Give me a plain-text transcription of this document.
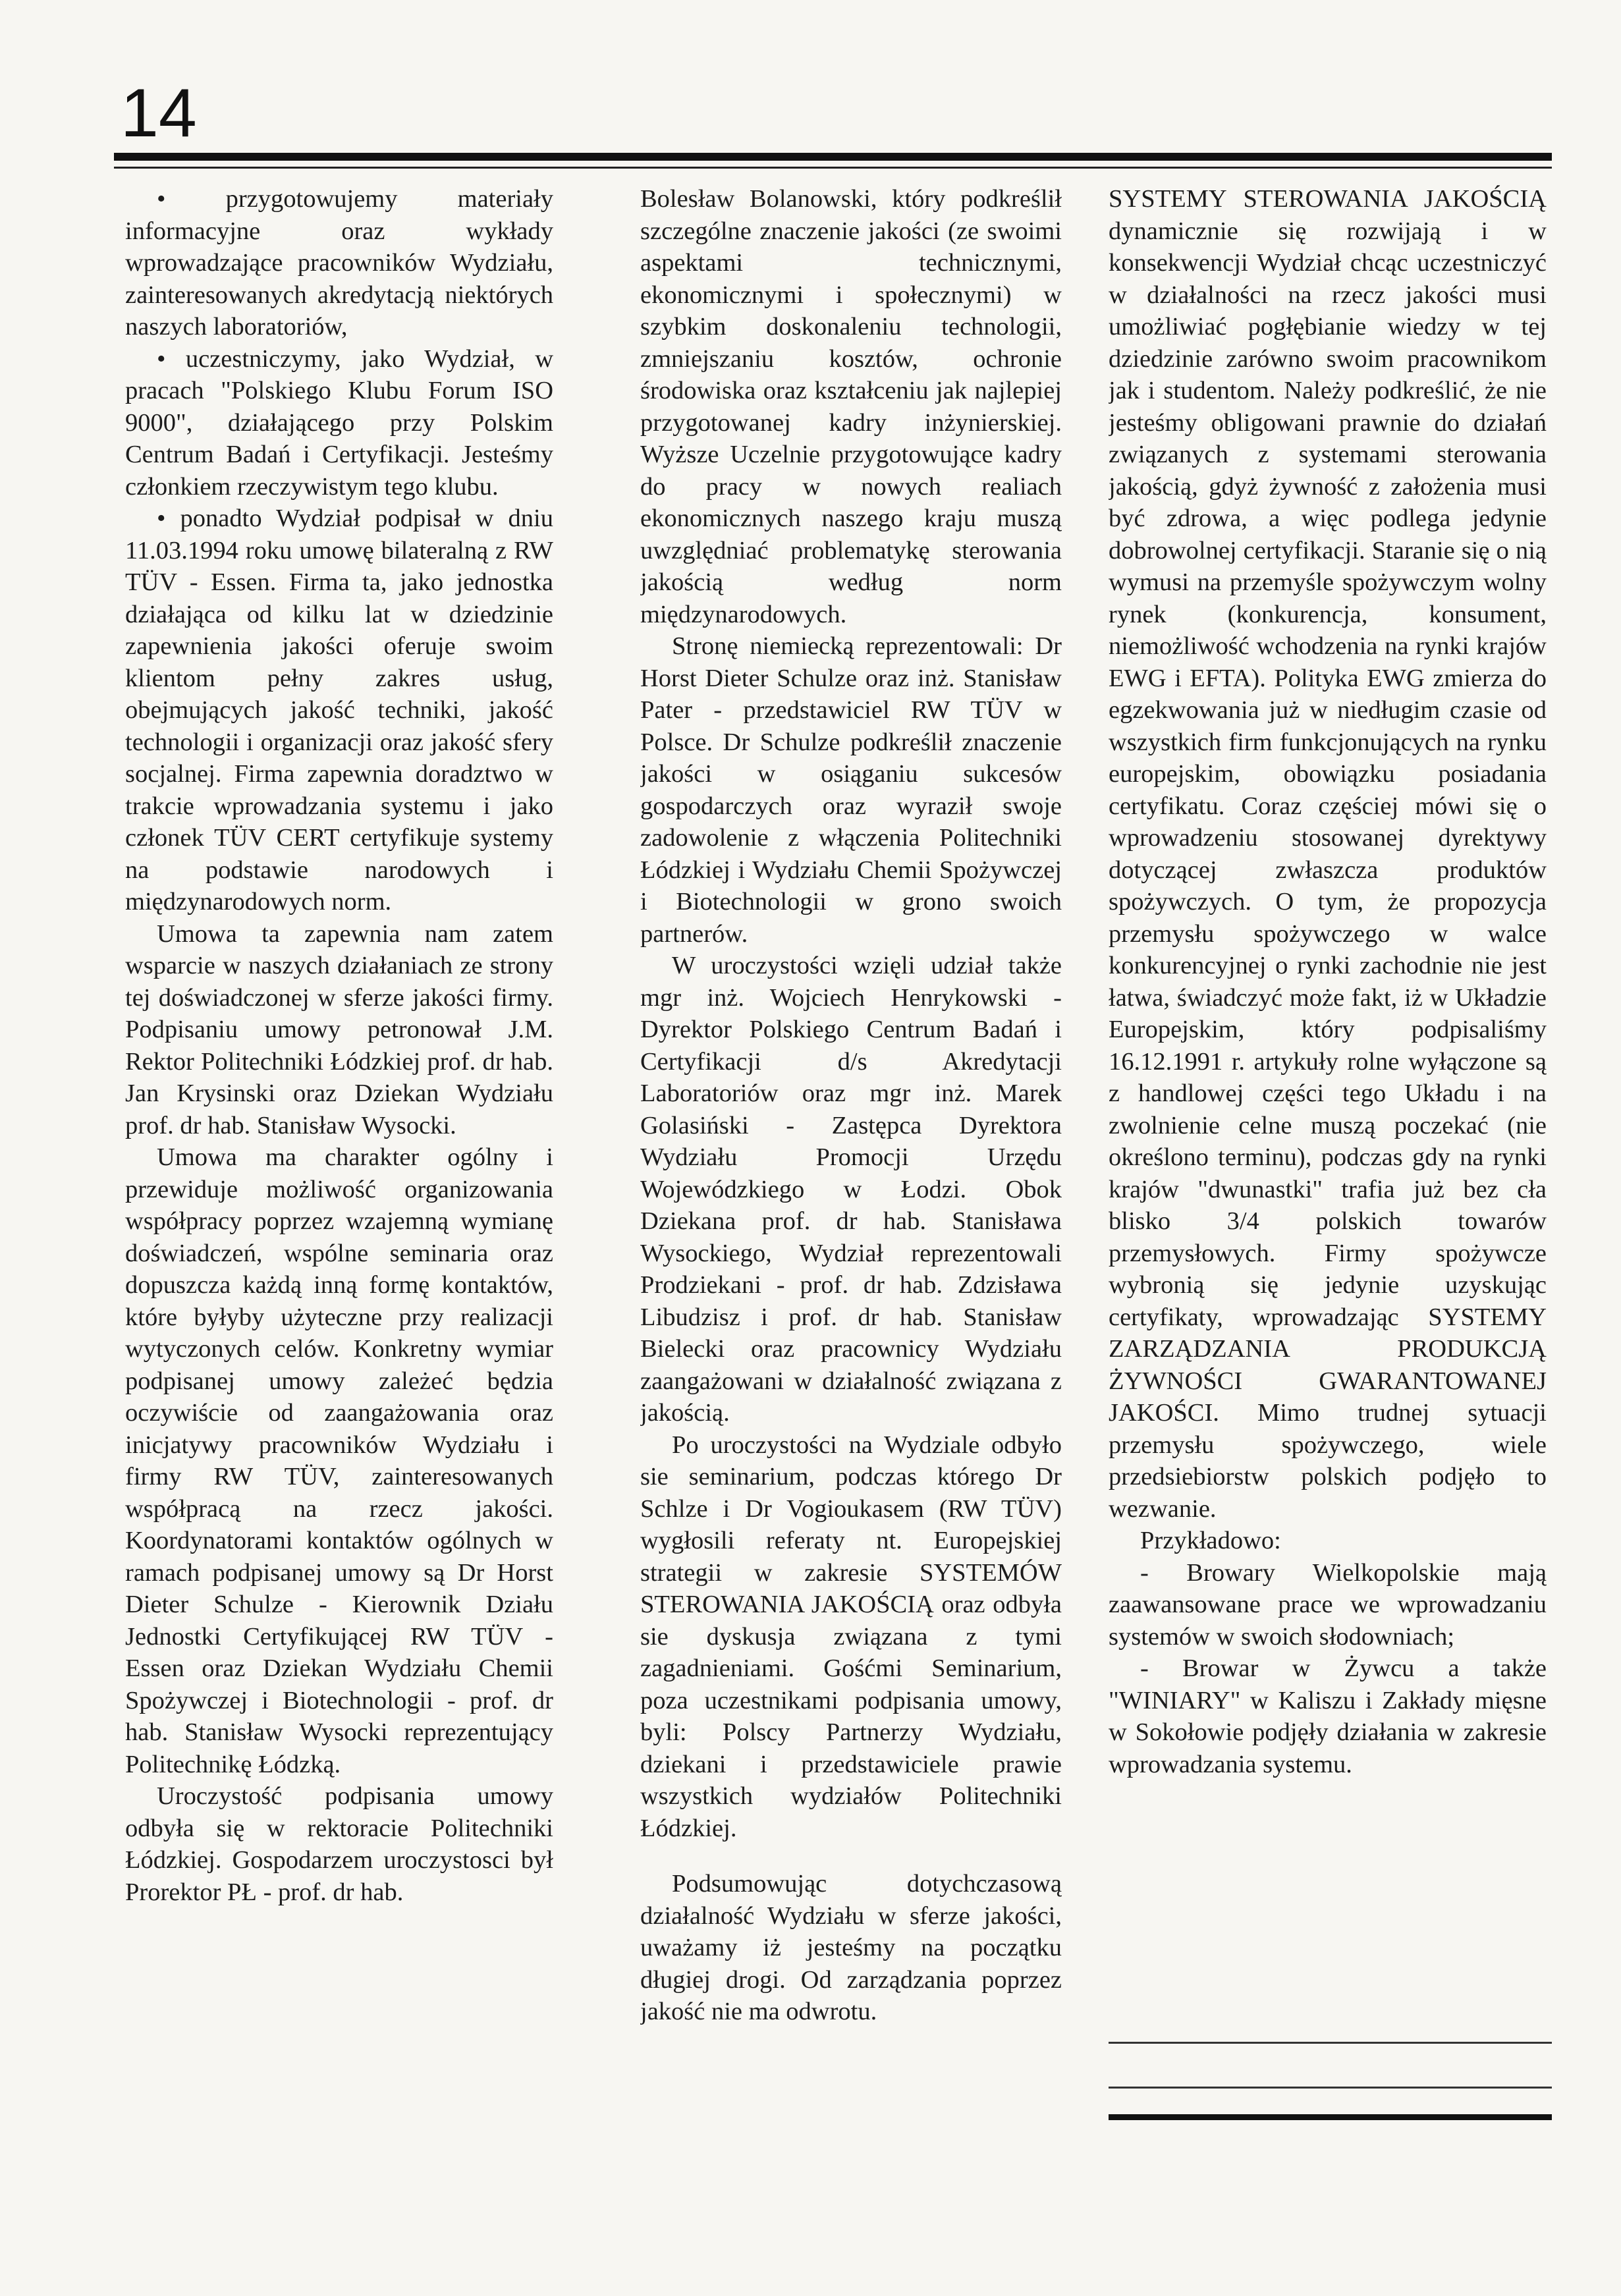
14

• przygotowujemy materiały informacyjne oraz wykłady wprowadzające pracowników Wydziału, zainteresowanych akredytacją niektórych naszych laboratoriów,

• uczestniczymy, jako Wydział, w pracach "Polskiego Klubu Forum ISO 9000", działającego przy Polskim Centrum Badań i Certyfikacji. Jesteśmy członkiem rzeczywistym tego klubu.

• ponadto Wydział podpisał w dniu 11.03.1994 roku umowę bilateralną z RW TÜV - Essen. Firma ta, jako jednostka działająca od kilku lat w dziedzinie zapewnienia jakości oferuje swoim klientom pełny zakres usług, obejmujących jakość techniki, jakość technologii i organizacji oraz jakość sfery socjalnej. Firma zapewnia doradztwo w trakcie wprowadzania systemu i jako członek TÜV CERT certyfikuje systemy na podstawie narodowych i międzynarodowych norm.

Umowa ta zapewnia nam zatem wsparcie w naszych działaniach ze strony tej doświadczonej w sferze jakości firmy. Podpisaniu umowy petronował J.M. Rektor Politechniki Łódzkiej prof. dr hab. Jan Krysinski oraz Dziekan Wydziału prof. dr hab. Stanisław Wysocki.

Umowa ma charakter ogólny i przewiduje możliwość organizowania współpracy poprzez wzajemną wymianę doświadczeń, wspólne seminaria oraz dopuszcza każdą inną formę kontaktów, które byłyby użyteczne przy realizacji wytyczonych celów. Konkretny wymiar podpisanej umowy zależeć będzia oczywiście od zaangażowania oraz inicjatywy pracowników Wydziału i firmy RW TÜV, zainteresowanych współpracą na rzecz jakości. Koordynatorami kontaktów ogólnych w ramach podpisanej umowy są Dr Horst Dieter Schulze - Kierownik Działu Jednostki Certyfikującej RW TÜV - Essen oraz Dziekan Wydziału Chemii Spożywczej i Biotechnologii - prof. dr hab. Stanisław Wysocki reprezentujący Politechnikę Łódzką.

Uroczystość podpisania umowy odbyła się w rektoracie Politechniki Łódzkiej. Gospodarzem uroczystosci był Prorektor PŁ - prof. dr hab.

Bolesław Bolanowski, który podkreślił szczególne znaczenie jakości (ze swoimi aspektami technicznymi, ekonomicznymi i społecznymi) w szybkim doskonaleniu technologii, zmniejszaniu kosztów, ochronie środowiska oraz kształceniu jak najlepiej przygotowanej kadry inżynierskiej. Wyższe Uczelnie przygotowujące kadry do pracy w nowych realiach ekonomicznych naszego kraju muszą uwzględniać problematykę sterowania jakością według norm międzynarodowych.

Stronę niemiecką reprezentowali: Dr Horst Dieter Schulze oraz inż. Stanisław Pater - przedstawiciel RW TÜV w Polsce. Dr Schulze podkreślił znaczenie jakości w osiąganiu sukcesów gospodarczych oraz wyraził swoje zadowolenie z włączenia Politechniki Łódzkiej i Wydziału Chemii Spożywczej i Biotechnologii w grono swoich partnerów.

W uroczystości wzięli udział także mgr inż. Wojciech Henrykowski - Dyrektor Polskiego Centrum Badań i Certyfikacji d/s Akredytacji Laboratoriów oraz mgr inż. Marek Golasiński - Zastępca Dyrektora Wydziału Promocji Urzędu Wojewódzkiego w Łodzi. Obok Dziekana prof. dr hab. Stanisława Wysockiego, Wydział reprezentowali Prodziekani - prof. dr hab. Zdzisława Libudzisz i prof. dr hab. Stanisław Bielecki oraz pracownicy Wydziału zaangażowani w działalność związana z jakością.

Po uroczystości na Wydziale odbyło sie seminarium, podczas którego Dr Schlze i Dr Vogioukasem (RW TÜV) wygłosili referaty nt. Europejskiej strategii w zakresie SYSTEMÓW STEROWANIA JAKOŚCIĄ oraz odbyła sie dyskusja związana z tymi zagadnieniami. Gośćmi Seminarium, poza uczestnikami podpisania umowy, byli: Polscy Partnerzy Wydziału, dziekani i przedstawiciele prawie wszystkich wydziałów Politechniki Łódzkiej.

Podsumowując dotychczasową działalność Wydziału w sferze jakości, uważamy iż jesteśmy na początku długiej drogi. Od zarządzania poprzez jakość nie ma odwrotu.

SYSTEMY STEROWANIA JAKOŚCIĄ dynamicznie się rozwijają i w konsekwencji Wydział chcąc uczestniczyć w działalności na rzecz jakości musi umożliwiać pogłębianie wiedzy w tej dziedzinie zarówno swoim pracownikom jak i studentom. Należy podkreślić, że nie jesteśmy obligowani prawnie do działań związanych z systemami sterowania jakością, gdyż żywność z założenia musi być zdrowa, a więc podlega jedynie dobrowolnej certyfikacji. Staranie się o nią wymusi na przemyśle spożywczym wolny rynek (konkurencja, konsument, niemożliwość wchodzenia na rynki krajów EWG i EFTA). Polityka EWG zmierza do egzekwowania już w niedługim czasie od wszystkich firm funkcjonujących na rynku europejskim, obowiązku posiadania certyfikatu. Coraz częściej mówi się o wprowadzeniu stosowanej dyrektywy dotyczącej zwłaszcza produktów spożywczych. O tym, że propozycja przemysłu spożywczego w walce konkurencyjnej o rynki zachodnie nie jest łatwa, świadczyć może fakt, iż w Układzie Europejskim, który podpisaliśmy 16.12.1991 r. artykuły rolne wyłączone są z handlowej części tego Układu i na zwolnienie celne muszą poczekać (nie określono terminu), podczas gdy na rynki krajów "dwunastki" trafia już bez cła blisko 3/4 polskich towarów przemysłowych. Firmy spożywcze wybronią się jedynie uzyskując certyfikaty, wprowadzając SYSTEMY ZARZĄDZANIA PRODUKCJĄ ŻYWNOŚCI GWARANTOWANEJ JAKOŚCI. Mimo trudnej sytuacji przemysłu spożywczego, wiele przedsiebiorstw polskich podjęło to wezwanie.

Przykładowo:

- Browary Wielkopolskie mają zaawansowane prace we wprowadzaniu systemów w swoich słodowniach;

- Browar w Żywcu a także "WINIARY" w Kaliszu i Zakłady mięsne w Sokołowie podjęły działania w zakresie wprowadzania systemu.
